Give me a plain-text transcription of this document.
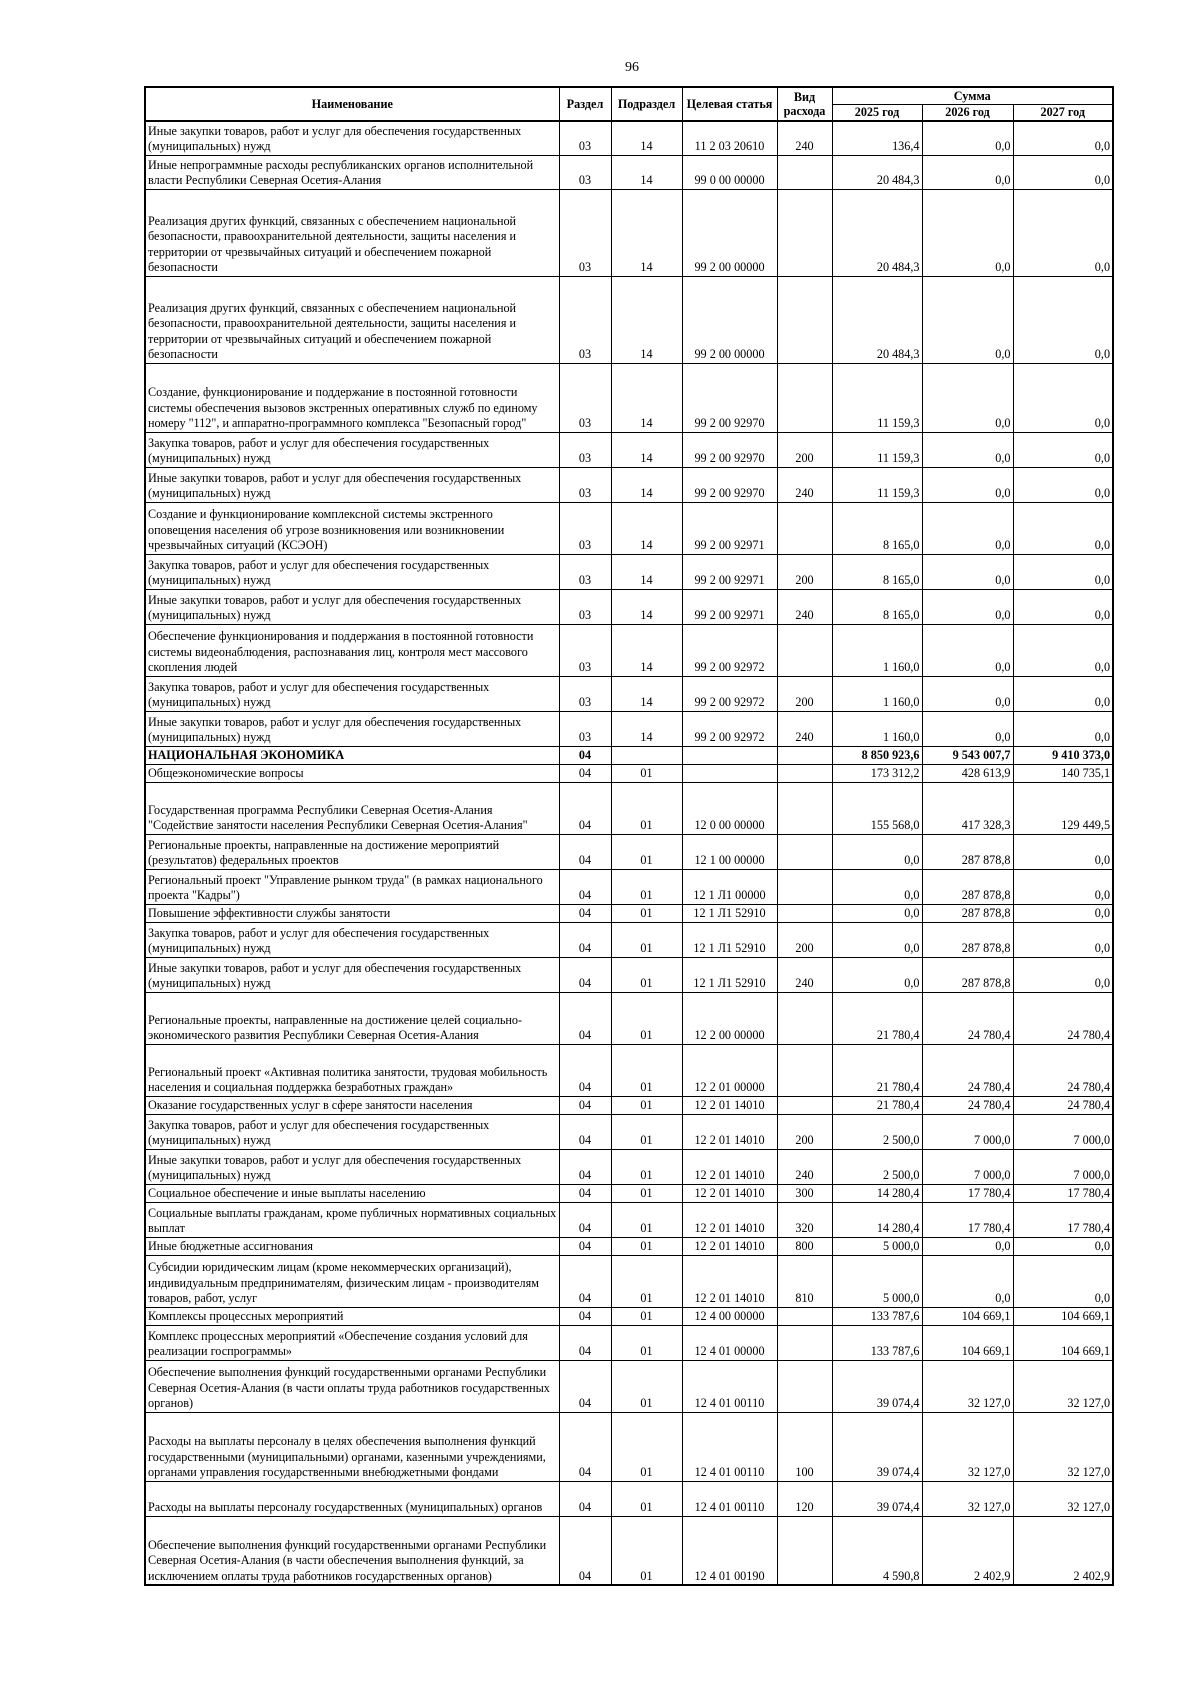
96
Наименование	Раздел	Подраздел	Целевая статья	Вид расхода	Сумма		
					2025 год	2026 год	2027 год
Иные закупки товаров, работ и услуг для обеспечения государственных (муниципальных) нужд	03	14	11 2 03 20610	240	136,4	0,0	0,0
Иные непрограммные расходы республиканских органов исполнительной власти Республики Северная Осетия-Алания	03	14	99 0 00 00000		20 484,3	0,0	0,0
Реализация других функций, связанных с обеспечением национальной безопасности, правоохранительной деятельности, защиты населения и территории от чрезвычайных ситуаций и обеспечением пожарной безопасности	03	14	99 2 00 00000		20 484,3	0,0	0,0
Реализация других функций, связанных с обеспечением национальной безопасности, правоохранительной деятельности, защиты населения и территории от чрезвычайных ситуаций и обеспечением пожарной безопасности	03	14	99 2 00 00000		20 484,3	0,0	0,0
Создание, функционирование и поддержание в постоянной готовности системы обеспечения вызовов экстренных оперативных служб по единому номеру "112", и аппаратно-программного комплекса "Безопасный город"	03	14	99 2 00 92970		11 159,3	0,0	0,0
Закупка товаров, работ и услуг для обеспечения государственных (муниципальных) нужд	03	14	99 2 00 92970	200	11 159,3	0,0	0,0
Иные закупки товаров, работ и услуг для обеспечения государственных (муниципальных) нужд	03	14	99 2 00 92970	240	11 159,3	0,0	0,0
Создание и функционирование комплексной системы экстренного оповещения населения об угрозе возникновения или возникновении чрезвычайных ситуаций (КСЭОН)	03	14	99 2 00 92971		8 165,0	0,0	0,0
Закупка товаров, работ и услуг для обеспечения государственных (муниципальных) нужд	03	14	99 2 00 92971	200	8 165,0	0,0	0,0
Иные закупки товаров, работ и услуг для обеспечения государственных (муниципальных) нужд	03	14	99 2 00 92971	240	8 165,0	0,0	0,0
Обеспечение функционирования и поддержания в постоянной готовности системы видеонаблюдения, распознавания лиц, контроля мест массового скопления людей	03	14	99 2 00 92972		1 160,0	0,0	0,0
Закупка товаров, работ и услуг для обеспечения государственных (муниципальных) нужд	03	14	99 2 00 92972	200	1 160,0	0,0	0,0
Иные закупки товаров, работ и услуг для обеспечения государственных (муниципальных) нужд	03	14	99 2 00 92972	240	1 160,0	0,0	0,0
НАЦИОНАЛЬНАЯ ЭКОНОМИКА	04				8 850 923,6	9 543 007,7	9 410 373,0
Общеэкономические вопросы	04	01			173 312,2	428 613,9	140 735,1
Государственная программа Республики Северная Осетия-Алания "Содействие занятости населения Республики Северная Осетия-Алания"	04	01	12 0 00 00000		155 568,0	417 328,3	129 449,5
Региональные проекты, направленные на достижение мероприятий (результатов) федеральных проектов	04	01	12 1 00 00000		0,0	287 878,8	0,0
Региональный проект "Управление рынком труда" (в рамках национального проекта "Кадры")	04	01	12 1 Л1 00000		0,0	287 878,8	0,0
Повышение эффективности службы занятости	04	01	12 1 Л1 52910		0,0	287 878,8	0,0
Закупка товаров, работ и услуг для обеспечения государственных (муниципальных) нужд	04	01	12 1 Л1 52910	200	0,0	287 878,8	0,0
Иные закупки товаров, работ и услуг для обеспечения государственных (муниципальных) нужд	04	01	12 1 Л1 52910	240	0,0	287 878,8	0,0
Региональные проекты, направленные на достижение целей социально-экономического развития Республики Северная Осетия-Алания	04	01	12 2 00 00000		21 780,4	24 780,4	24 780,4
Региональный проект «Активная политика занятости, трудовая мобильность населения и социальная поддержка безработных граждан»	04	01	12 2 01 00000		21 780,4	24 780,4	24 780,4
Оказание государственных услуг в сфере занятости населения	04	01	12 2 01 14010		21 780,4	24 780,4	24 780,4
Закупка товаров, работ и услуг для обеспечения государственных (муниципальных) нужд	04	01	12 2 01 14010	200	2 500,0	7 000,0	7 000,0
Иные закупки товаров, работ и услуг для обеспечения государственных (муниципальных) нужд	04	01	12 2 01 14010	240	2 500,0	7 000,0	7 000,0
Социальное обеспечение и иные выплаты населению	04	01	12 2 01 14010	300	14 280,4	17 780,4	17 780,4
Социальные выплаты гражданам, кроме публичных нормативных социальных выплат	04	01	12 2 01 14010	320	14 280,4	17 780,4	17 780,4
Иные бюджетные ассигнования	04	01	12 2 01 14010	800	5 000,0	0,0	0,0
Субсидии юридическим лицам (кроме некоммерческих организаций), индивидуальным предпринимателям, физическим лицам - производителям товаров, работ, услуг	04	01	12 2 01 14010	810	5 000,0	0,0	0,0
Комплексы процессных мероприятий	04	01	12 4 00 00000		133 787,6	104 669,1	104 669,1
Комплекс процессных мероприятий «Обеспечение создания условий для реализации госпрограммы»	04	01	12 4 01 00000		133 787,6	104 669,1	104 669,1
Обеспечение выполнения функций государственными органами Республики Северная Осетия-Алания (в части оплаты труда работников государственных органов)	04	01	12 4 01 00110		39 074,4	32 127,0	32 127,0
Расходы на выплаты персоналу в целях обеспечения выполнения функций государственными (муниципальными) органами, казенными учреждениями, органами управления государственными внебюджетными фондами	04	01	12 4 01 00110	100	39 074,4	32 127,0	32 127,0
Расходы на выплаты персоналу государственных (муниципальных) органов	04	01	12 4 01 00110	120	39 074,4	32 127,0	32 127,0
Обеспечение выполнения функций государственными органами Республики Северная Осетия-Алания (в части обеспечения выполнения функций, за исключением оплаты труда работников государственных органов)	04	01	12 4 01 00190		4 590,8	2 402,9	2 402,9
